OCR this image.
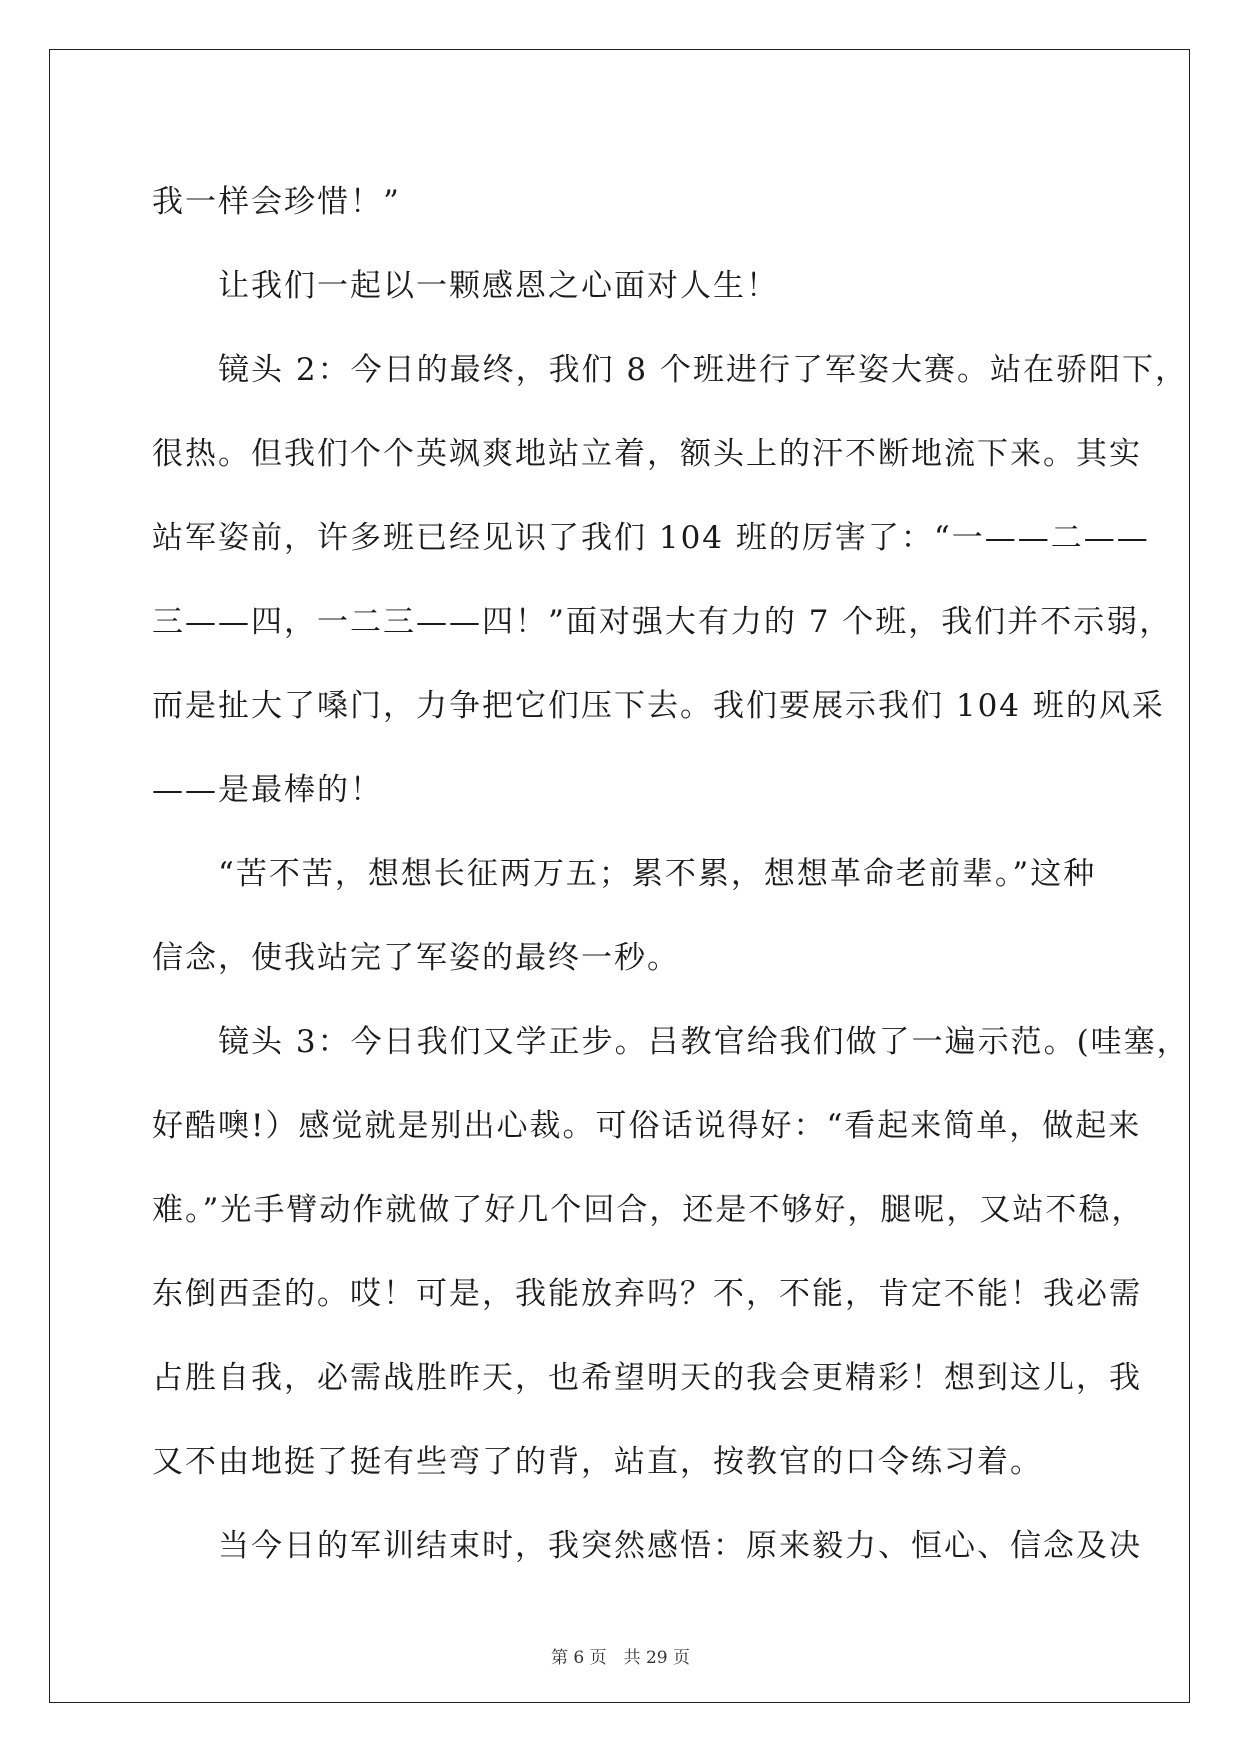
我一样会珍惜！”
　　让我们一起以一颗感恩之心面对人生！
　　镜头 2：今日的最终，我们 8 个班进行了军姿大赛。站在骄阳下，
很热。但我们个个英飒爽地站立着，额头上的汗不断地流下来。其实
站军姿前，许多班已经见识了我们 104 班的厉害了：“一——二——
三——四，一二三——四！”面对强大有力的 7 个班，我们并不示弱，
而是扯大了嗓门，力争把它们压下去。我们要展示我们 104 班的风采
——是最棒的！
　　“苦不苦，想想长征两万五；累不累，想想革命老前辈。”这种
信念，使我站完了军姿的最终一秒。
　　镜头 3：今日我们又学正步。吕教官给我们做了一遍示范。(哇塞，
好酷噢!）感觉就是别出心裁。可俗话说得好：“看起来简单，做起来
难。”光手臂动作就做了好几个回合，还是不够好，腿呢，又站不稳，
东倒西歪的。哎！可是，我能放弃吗？不，不能，肯定不能！我必需
占胜自我，必需战胜昨天，也希望明天的我会更精彩！想到这儿，我
又不由地挺了挺有些弯了的背，站直，按教官的口令练习着。
　　当今日的军训结束时，我突然感悟：原来毅力、恒心、信念及决
第 6 页　共 29 页
